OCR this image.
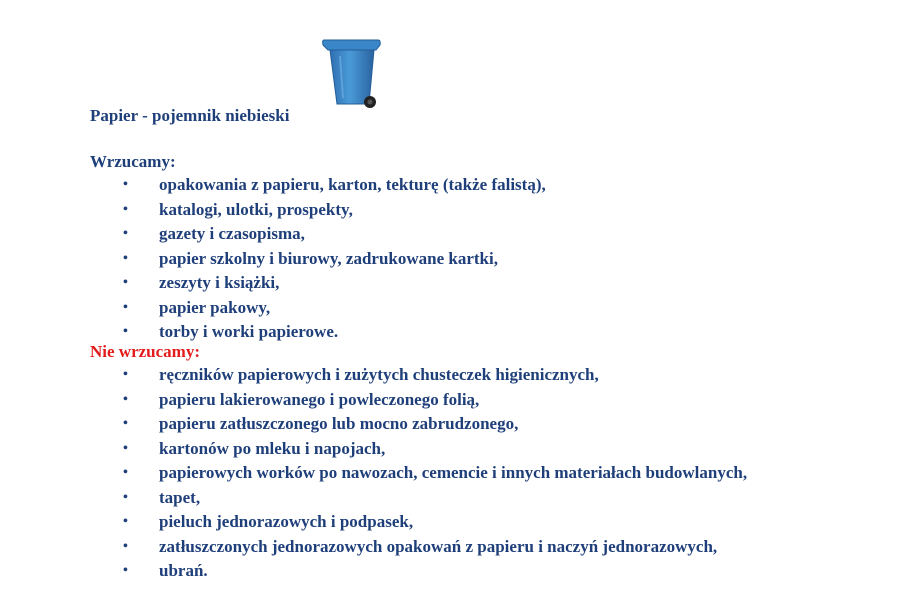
Papier - pojemnik niebieski
Wrzucamy:
• opakowania z papieru, karton, tekturę (także falistą),
• katalogi, ulotki, prospekty,
• gazety i czasopisma,
• papier szkolny i biurowy, zadrukowane kartki,
• zeszyty i książki,
• papier pakowy,
• torby i worki papierowe.
Nie wrzucamy:
• ręczników papierowych i zużytych chusteczek higienicznych,
• papieru lakierowanego i powleczonego folią,
• papieru zatłuszczonego lub mocno zabrudzonego,
• kartonów po mleku i napojach,
• papierowych worków po nawozach, cemencie i innych materiałach budowlanych,
• tapet,
• pieluch jednorazowych i podpasek,
• zatłuszczonych jednorazowych opakowań z papieru i naczyń jednorazowych,
• ubrań.
